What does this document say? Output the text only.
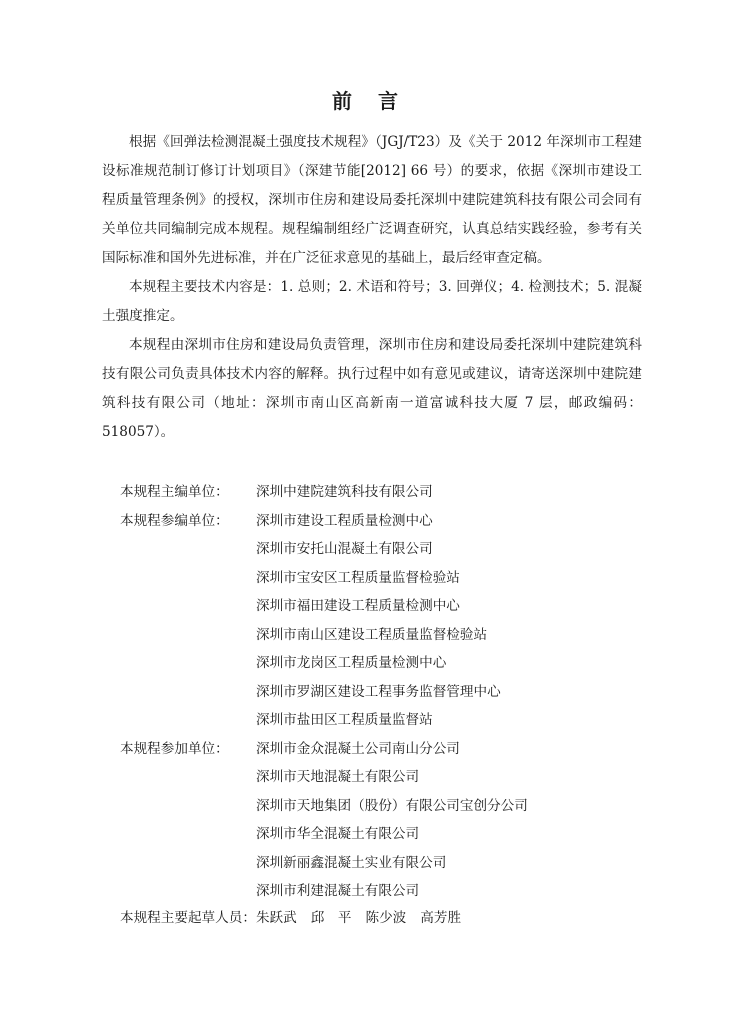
前 言

根据《回弹法检测混凝土强度技术规程》（JGJ/T23）及《关于 2012 年深圳市工程建设标准规范制订修订计划项目》（深建节能[2012] 66 号）的要求，依据《深圳市建设工程质量管理条例》的授权，深圳市住房和建设局委托深圳中建院建筑科技有限公司会同有关单位共同编制完成本规程。规程编制组经广泛调查研究，认真总结实践经验，参考有关国际标准和国外先进标准，并在广泛征求意见的基础上，最后经审查定稿。

本规程主要技术内容是：1. 总则；2. 术语和符号；3. 回弹仪；4. 检测技术；5. 混凝土强度推定。

本规程由深圳市住房和建设局负责管理，深圳市住房和建设局委托深圳中建院建筑科技有限公司负责具体技术内容的解释。执行过程中如有意见或建议，请寄送深圳中建院建筑科技有限公司（地址：深圳市南山区高新南一道富诚科技大厦 7 层，邮政编码：518057）。

本规程主编单位： 深圳中建院建筑科技有限公司
本规程参编单位： 深圳市建设工程质量检测中心
深圳市安托山混凝土有限公司
深圳市宝安区工程质量监督检验站
深圳市福田建设工程质量检测中心
深圳市南山区建设工程质量监督检验站
深圳市龙岗区工程质量检测中心
深圳市罗湖区建设工程事务监督管理中心
深圳市盐田区工程质量监督站
本规程参加单位： 深圳市金众混凝土公司南山分公司
深圳市天地混凝土有限公司
深圳市天地集团（股份）有限公司宝创分公司
深圳市华全混凝土有限公司
深圳新丽鑫混凝土实业有限公司
深圳市利建混凝土有限公司
本规程主要起草人员：朱跃武 邱　平 陈少波 高芳胜
